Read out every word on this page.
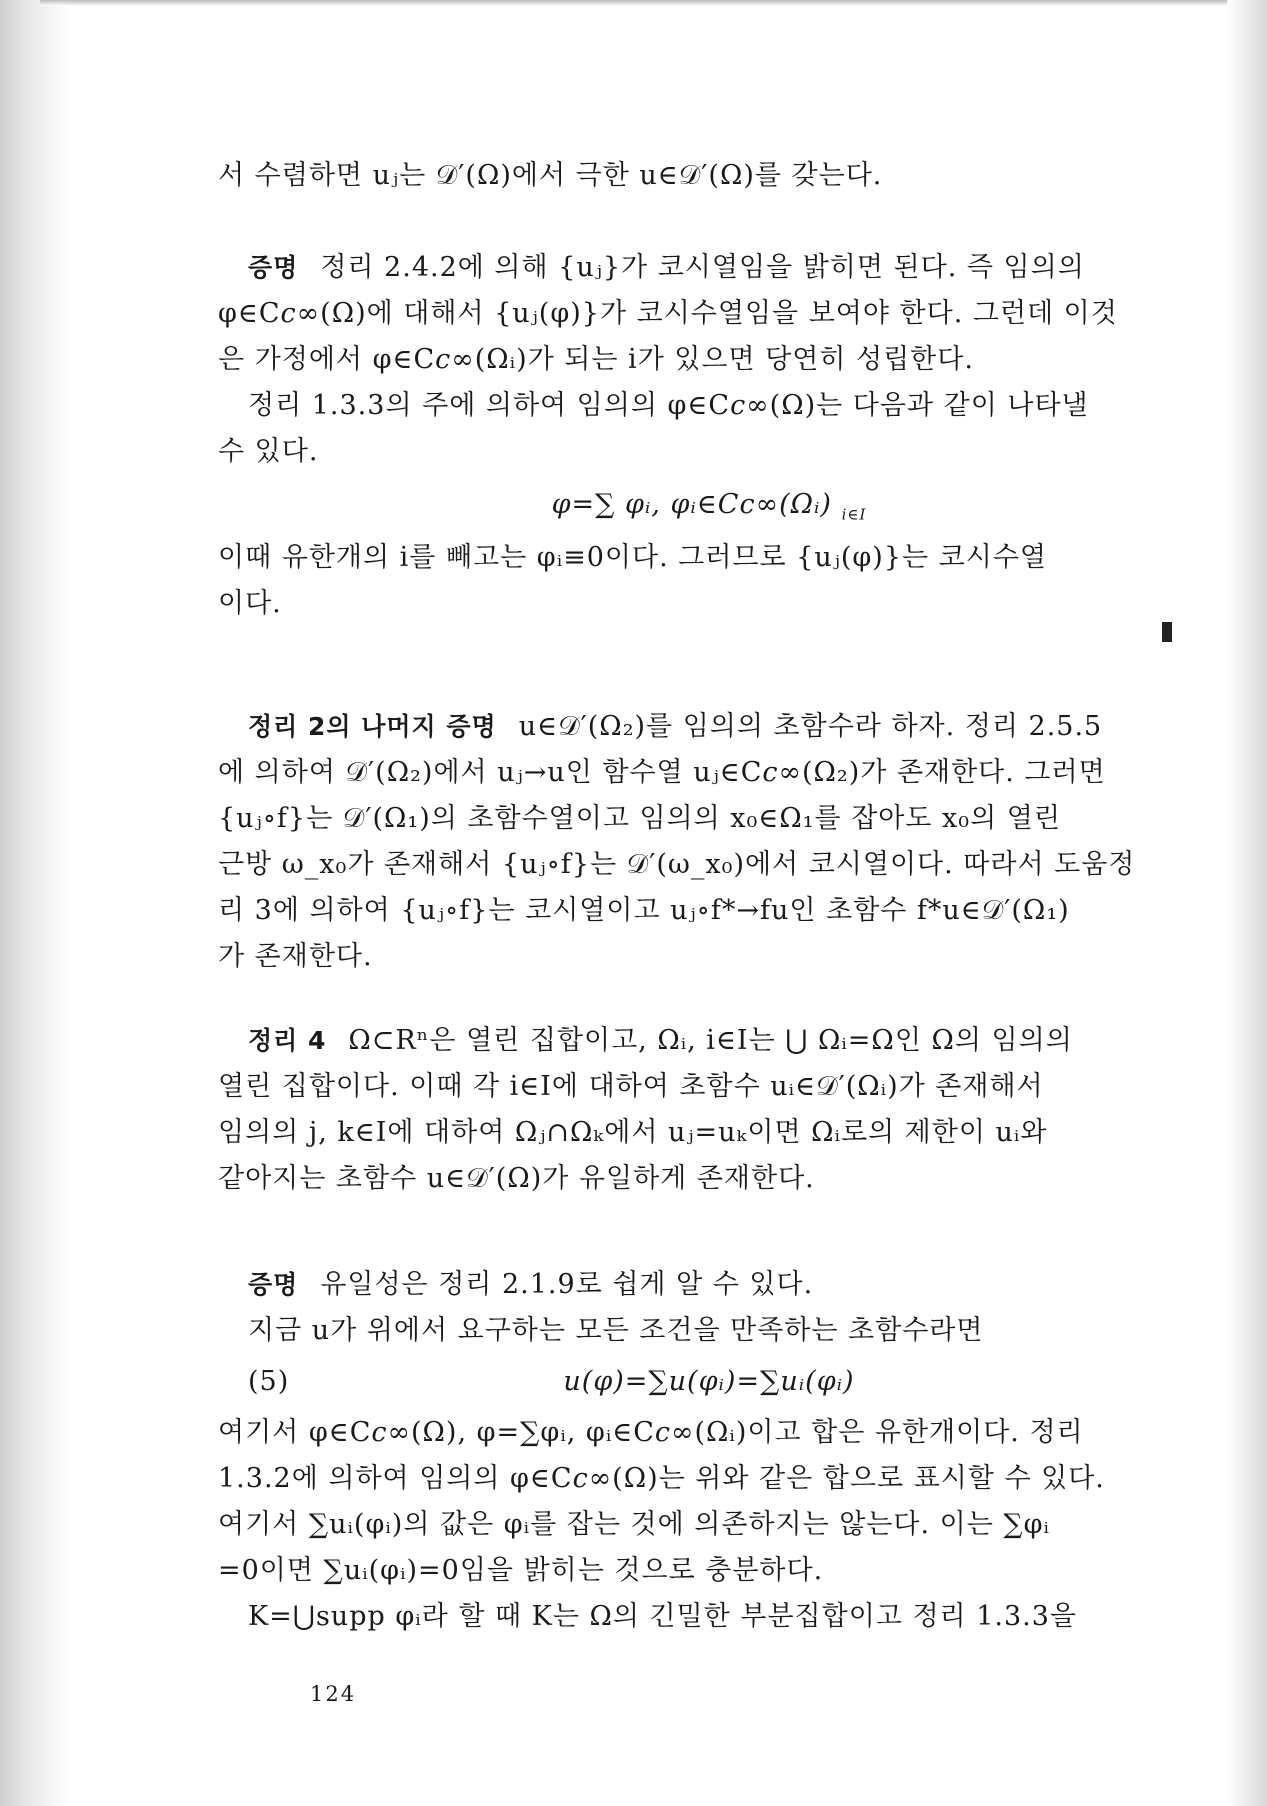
서 수렴하면 uⱼ는 𝒟′(Ω)에서 극한 u∈𝒟′(Ω)를 갖는다.
증명 정리 2.4.2에 의해 {uⱼ}가 코시열임을 밝히면 된다. 즉 임의의
φ∈C𝑐∞(Ω)에 대해서 {uⱼ(φ)}가 코시수열임을 보여야 한다. 그런데 이것
은 가정에서 φ∈C𝑐∞(Ωᵢ)가 되는 i가 있으면 당연히 성립한다.
정리 1.3.3의 주에 의하여 임의의 φ∈C𝑐∞(Ω)는 다음과 같이 나타낼
수 있다.
φ=∑ φᵢ, φᵢ∈C𝑐∞(Ωᵢ) $_{i\in I}$
이때 유한개의 i를 빼고는 φᵢ≡0이다. 그러므로 {uⱼ(φ)}는 코시수열
이다.
정리 2의 나머지 증명 u∈𝒟′(Ω₂)를 임의의 초함수라 하자. 정리 2.5.5
에 의하여 𝒟′(Ω₂)에서 uⱼ→u인 함수열 uⱼ∈C𝑐∞(Ω₂)가 존재한다. 그러면
{uⱼ∘f}는 𝒟′(Ω₁)의 초함수열이고 임의의 x₀∈Ω₁를 잡아도 x₀의 열린
근방 ω_x₀가 존재해서 {uⱼ∘f}는 𝒟′(ω_x₀)에서 코시열이다. 따라서 도움정
리 3에 의하여 {uⱼ∘f}는 코시열이고 uⱼ∘f*→fu인 초함수 f*u∈𝒟′(Ω₁)
가 존재한다.
정리 4 Ω⊂Rⁿ은 열린 집합이고, Ωᵢ, i∈I는 ⋃ Ωᵢ=Ω인 Ω의 임의의
열린 집합이다. 이때 각 i∈I에 대하여 초함수 uᵢ∈𝒟′(Ωᵢ)가 존재해서
임의의 j, k∈I에 대하여 Ωⱼ∩Ωₖ에서 uⱼ=uₖ이면 Ωᵢ로의 제한이 uᵢ와
같아지는 초함수 u∈𝒟′(Ω)가 유일하게 존재한다.
증명 유일성은 정리 2.1.9로 쉽게 알 수 있다.
지금 u가 위에서 요구하는 모든 조건을 만족하는 초함수라면
u(φ)=∑u(φᵢ)=∑uᵢ(φᵢ)
(5)
여기서 φ∈C𝑐∞(Ω), φ=∑φᵢ, φᵢ∈C𝑐∞(Ωᵢ)이고 합은 유한개이다. 정리
1.3.2에 의하여 임의의 φ∈C𝑐∞(Ω)는 위와 같은 합으로 표시할 수 있다.
여기서 ∑uᵢ(φᵢ)의 값은 φᵢ를 잡는 것에 의존하지는 않는다. 이는 ∑φᵢ
=0이면 ∑uᵢ(φᵢ)=0임을 밝히는 것으로 충분하다.
K=⋃supp φᵢ라 할 때 K는 Ω의 긴밀한 부분집합이고 정리 1.3.3을
124
